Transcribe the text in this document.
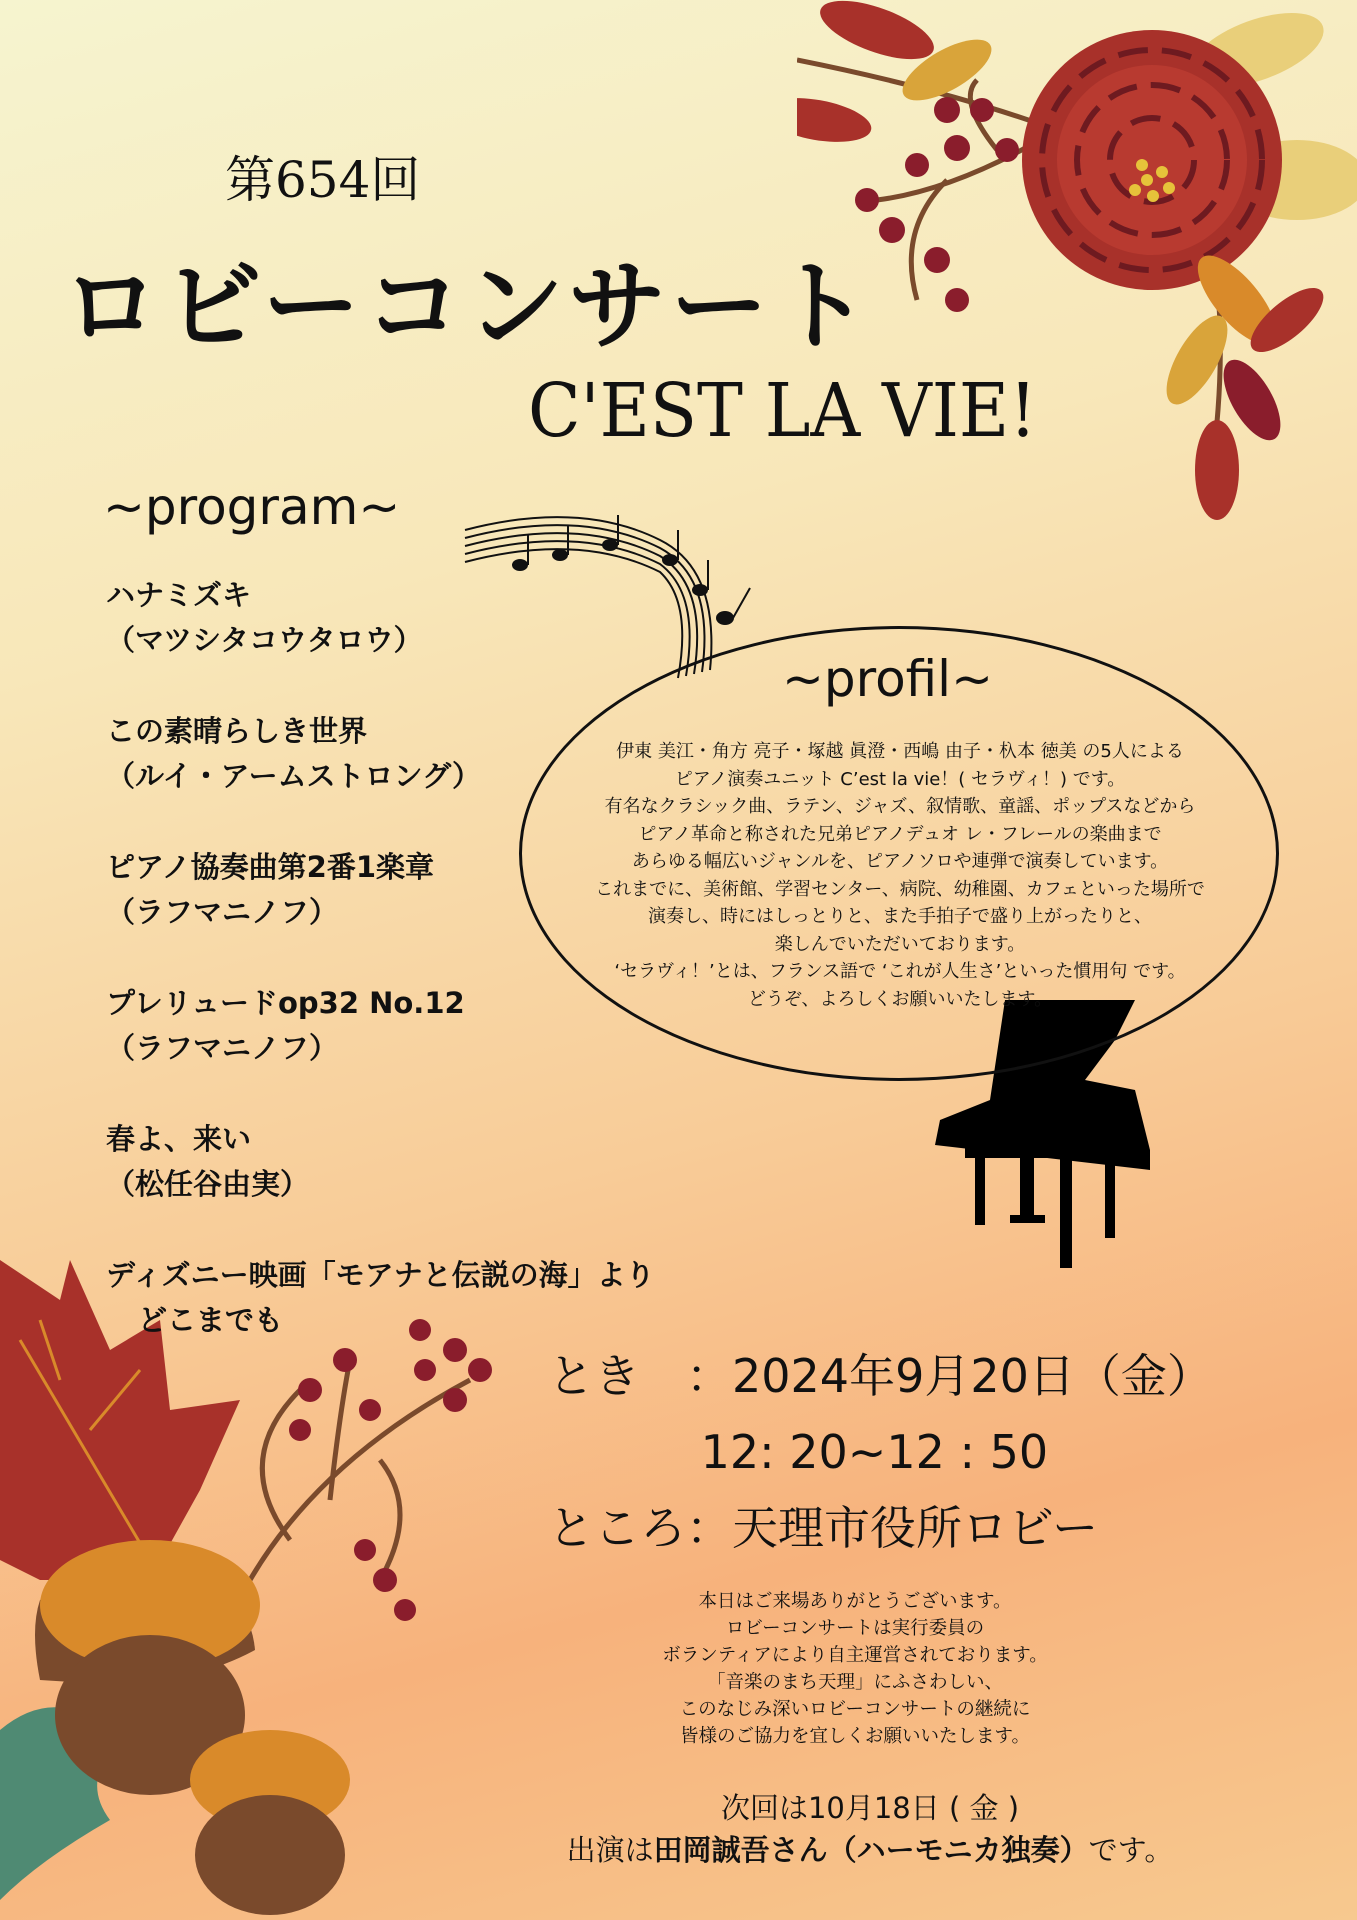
第654回
ロビーコンサート
C'EST LA VIE!
~program~
ハナミズキ
（マツシタコウタロウ）
この素晴らしき世界
（ルイ・アームストロング）
ピアノ協奏曲第2番1楽章
（ラフマニノフ）
プレリュードop32 No.12
（ラフマニノフ）
春よ、来い
（松任谷由実）
ディズニー映画「モアナと伝説の海」より
どこまでも
~profil~
伊東 美江・角方 亮子・塚越 眞澄・西嶋 由子・杁本 徳美 の5人による
ピアノ演奏ユニット C’est la vie！( セラヴィ！) です。
有名なクラシック曲、ラテン、ジャズ、叙情歌、童謡、ポップスなどから
ピアノ革命と称された兄弟ピアノデュオ レ・フレールの楽曲まで
あらゆる幅広いジャンルを、ピアノソロや連弾で演奏しています。
これまでに、美術館、学習センター、病院、幼稚園、カフェといった場所で
演奏し、時にはしっとりと、また手拍子で盛り上がったりと、
楽しんでいただいております。
‘セラヴィ！’とは、フランス語で ‘これが人生さ’といった慣用句 です。
どうぞ、よろしくお願いいたします。
とき　：2024年9月20日（金）
　　　 12: 20~12 : 50
ところ：天理市役所ロビー
本日はご来場ありがとうございます。
ロビーコンサートは実行委員の
ボランティアにより自主運営されております。
「音楽のまち天理」にふさわしい、
このなじみ深いロビーコンサートの継続に
皆様のご協力を宜しくお願いいたします。
次回は10月18日 ( 金 )
出演は田岡誠吾さん（ハーモニカ独奏）です。
